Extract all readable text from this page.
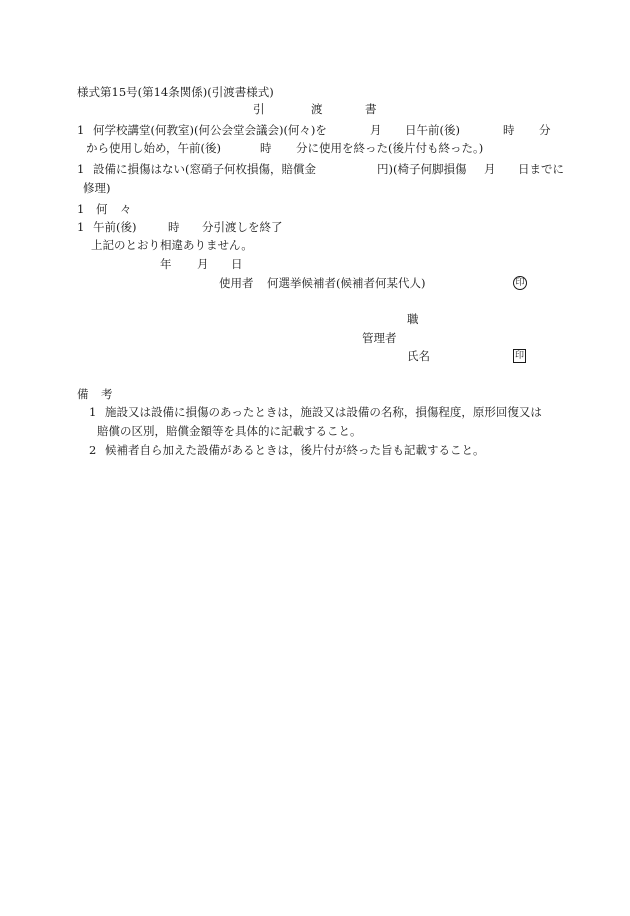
様式第15号(第14条関係)(引渡書様式)
引	渡	書
1 何学校講堂(何教室)(何公会堂会議会)(何々)を	月 日午前(後)	時 分
から使用し始め，午前(後)	時 分に使用を終った(後片付も終った。)
1 設備に損傷はない(窓硝子何枚損傷，賠償金	円)(椅子何脚損傷 月 日までに
修理)
1 何 々
1 午前(後)	時 分引渡しを終了
上記のとおり相違ありません。
年 月 日
使用者 何選挙候補者(候補者何某代人)	印
職
管理者
氏名	印
備 考
1 施設又は設備に損傷のあったときは，施設又は設備の名称，損傷程度，原形回復又は
賠償の区別，賠償金額等を具体的に記載すること。
2 候補者自ら加えた設備があるときは，後片付が終った旨も記載すること。
